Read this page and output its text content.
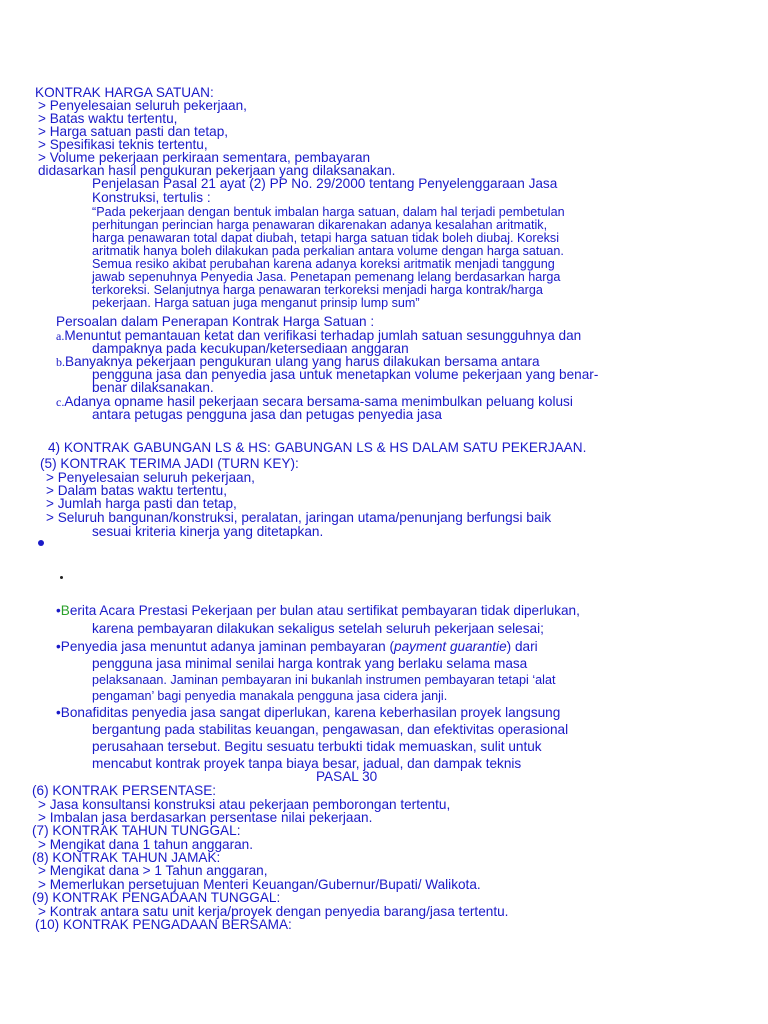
KONTRAK HARGA SATUAN:
> Penyelesaian seluruh pekerjaan,
> Batas waktu tertentu,
> Harga satuan pasti dan tetap,
> Spesifikasi teknis tertentu,
> Volume pekerjaan perkiraan sementara, pembayaran
didasarkan hasil pengukuran pekerjaan yang dilaksanakan.
Penjelasan Pasal 21 ayat (2) PP No. 29/2000 tentang Penyelenggaraan Jasa
Konstruksi, tertulis :
“Pada pekerjaan dengan bentuk imbalan harga satuan, dalam hal terjadi pembetulan
perhitungan perincian harga penawaran dikarenakan adanya kesalahan aritmatik,
harga penawaran total dapat diubah, tetapi harga satuan tidak boleh diubaj. Koreksi
aritmatik hanya boleh dilakukan pada perkalian antara volume dengan harga satuan.
Semua resiko akibat perubahan karena adanya koreksi aritmatik menjadi tanggung
jawab sepenuhnya Penyedia Jasa. Penetapan pemenang lelang berdasarkan harga
terkoreksi. Selanjutnya harga penawaran terkoreksi menjadi harga kontrak/harga
pekerjaan. Harga satuan juga menganut prinsip lump sum”
Persoalan dalam Penerapan Kontrak Harga Satuan :
a.Menuntut pemantauan ketat dan verifikasi terhadap jumlah satuan sesungguhnya dan
dampaknya pada kecukupan/ketersediaan anggaran
b.Banyaknya pekerjaan pengukuran ulang yang harus dilakukan bersama antara
pengguna jasa dan penyedia jasa untuk menetapkan volume pekerjaan yang benar-
benar dilaksanakan.
c.Adanya opname hasil pekerjaan secara bersama-sama menimbulkan peluang kolusi
antara petugas pengguna jasa dan petugas penyedia jasa
4) KONTRAK GABUNGAN LS & HS: GABUNGAN LS & HS DALAM SATU PEKERJAAN.
(5) KONTRAK TERIMA JADI (TURN KEY):
> Penyelesaian seluruh pekerjaan,
> Dalam batas waktu tertentu,
> Jumlah harga pasti dan tetap,
> Seluruh bangunan/konstruksi, peralatan, jaringan utama/penunjang berfungsi baik
sesuai kriteria kinerja yang ditetapkan.
•Berita Acara Prestasi Pekerjaan per bulan atau sertifikat pembayaran tidak diperlukan,
karena pembayaran dilakukan sekaligus setelah seluruh pekerjaan selesai;
•Penyedia jasa menuntut adanya jaminan pembayaran (payment guarantie) dari
pengguna jasa minimal senilai harga kontrak yang berlaku selama masa
pelaksanaan. Jaminan pembayaran ini bukanlah instrumen pembayaran tetapi ‘alat
pengaman’ bagi penyedia manakala pengguna jasa cidera janji.
•Bonafiditas penyedia jasa sangat diperlukan, karena keberhasilan proyek langsung
bergantung pada stabilitas keuangan, pengawasan, dan efektivitas operasional
perusahaan tersebut. Begitu sesuatu terbukti tidak memuaskan, sulit untuk
mencabut kontrak proyek tanpa biaya besar, jadual, dan dampak teknis
PASAL 30
(6) KONTRAK PERSENTASE:
> Jasa konsultansi konstruksi atau pekerjaan pemborongan tertentu,
> Imbalan jasa berdasarkan persentase nilai pekerjaan.
(7) KONTRAK TAHUN TUNGGAL:
> Mengikat dana 1 tahun anggaran.
(8) KONTRAK TAHUN JAMAK:
> Mengikat dana > 1 Tahun anggaran,
> Memerlukan persetujuan Menteri Keuangan/Gubernur/Bupati/ Walikota.
(9) KONTRAK PENGADAAN TUNGGAL:
> Kontrak antara satu unit kerja/proyek dengan penyedia barang/jasa tertentu.
(10) KONTRAK PENGADAAN BERSAMA:
